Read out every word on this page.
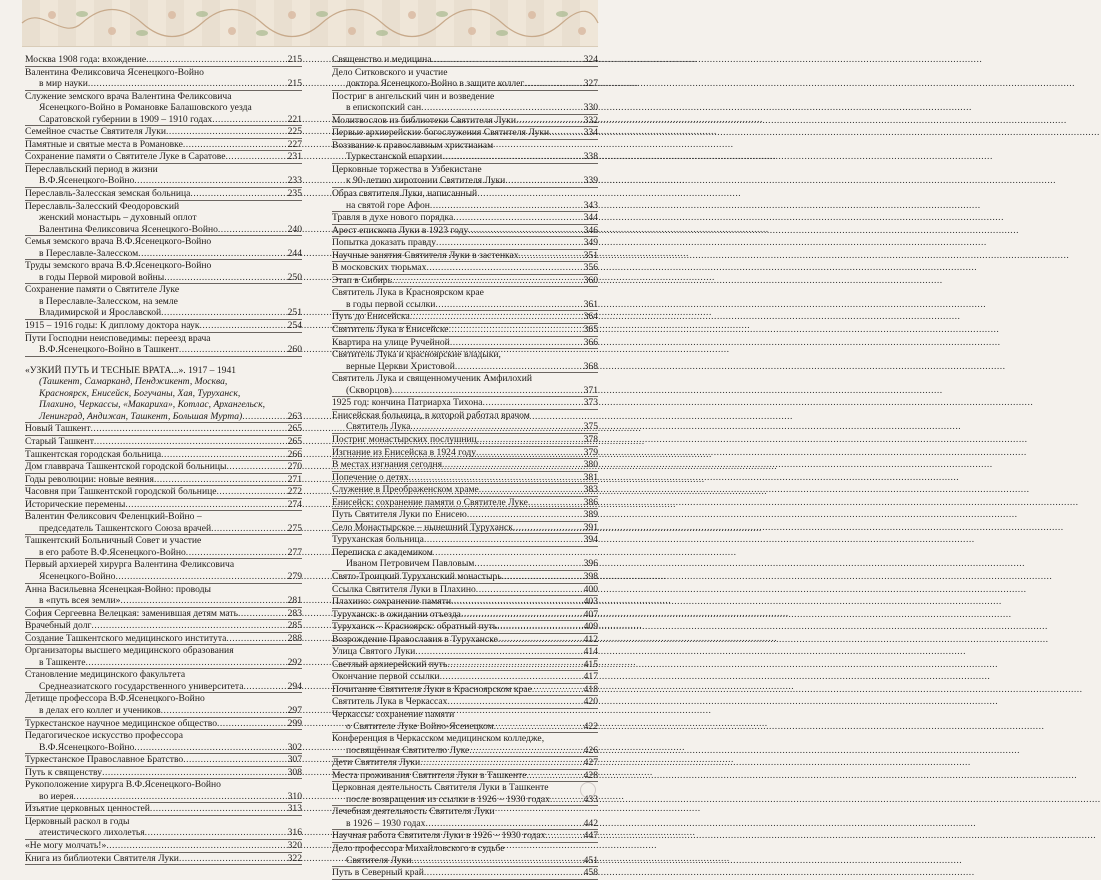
Москва 1908 года: вхождение .....	215
Валентина Феликсовича Ясенецкого-Войно
в мир науки .....	215
Служение земского врача Валентина Феликсовича
Ясенецкого-Войно в Романовке Балашовского уезда
Саратовской губернии в 1909 – 1910 годах .....	221
Семейное счастье Святителя Луки .....	225
Памятные и святые места в Романовке .....	227
Сохранение памяти о Святителе Луке в Саратове .....	231
Переславльский период в жизни
В.Ф.Ясенецкого-Войно .....	233
Переславль-Залесская земская больница .....	235
Переславль-Залесский Феодоровский
женский монастырь – духовный оплот
Валентина Феликсовича Ясенецкого-Войно .....	240
Семья земского врача В.Ф.Ясенецкого-Войно
в Переславле-Залесском .....	244
Труды земского врача В.Ф.Ясенецкого-Войно
в годы Первой мировой войны .....	250
Сохранение памяти о Святителе Луке
в Переславле-Залесском, на земле
Владимирской и Ярославской .....	251
1915 – 1916 годы: К диплому доктора наук .....	254
Пути Господни неисповедимы: переезд врача
В.Ф.Ясенецкого-Войно в Ташкент .....	260
«УЗКИЙ ПУТЬ И ТЕСНЫЕ ВРАТА...». 1917 – 1941
(Ташкент, Самарканд, Пенджикент, Москва,
Красноярск, Енисейск, Богучаны, Хая, Туруханск,
Плахино, Черкассы, «Макариха», Котлас, Архангельск,
Ленинград, Андижан, Ташкент, Большая Мурта) .....	263
Новый Ташкент .....	265
Старый Ташкент .....	265
Ташкентская городская больница .....	266
Дом главврача Ташкентской городской больницы .....	270
Годы революции: новые веяния .....	271
Часовня при Ташкентской городской больнице .....	272
Исторические перемены .....	274
Валентин Феликсович Феленцкий-Войно –
председатель Ташкентского Союза врачей .....	275
Ташкентский Больничный Совет и участие
в его работе В.Ф.Ясенецкого-Войно .....	277
Первый архиерей хирурга Валентина Феликсовича
Ясенецкого-Войно .....	279
Анна Васильевна Ясенецкая-Войно: проводы
в «путь всея земли» .....	281
София Сергеевна Велецкая: заменившая детям мать .....	283
Врачебный долг .....	285
Создание Ташкентского медицинского института .....	288
Организаторы высшего медицинского образования
в Ташкенте .....	292
Становление медицинского факультета
Среднеазиатского государственного университета .....	294
Детище профессора В.Ф.Ясенецкого-Войно
в делах его коллег и учеников .....	297
Туркестанское научное медицинское общество .....	299
Педагогическое искусство профессора
В.Ф.Ясенецкого-Войно .....	302
Туркестанское Православное Братство .....	307
Путь к священству .....	308
Рукоположение хирурга В.Ф.Ясенецкого-Войно
во иерея .....	310
Изъятие церковных ценностей .....	313
Церковный раскол в годы
атеистического лихолетья .....	316
«Не могу молчать!» .....	320
Книга из библиотеки Святителя Луки .....	322
Священство и медицина .....	324
Дело Ситковского и участие
доктора Ясенецкого-Войно в защите коллег .....	327
Постриг в ангельский чин и возведение
в епископский сан .....	330
Молитвослов из библиотеки Святителя Луки .....	332
Первые архиерейские богослужения Святителя Луки .....	334
Воззвание к православным христианам
Туркестанской епархии .....	338
Церковные торжества в Узбекистане
к 90-летию хиротонии Святителя Луки .....	339
Образ святителя Луки, написанный
на святой горе Афон .....	343
Травля в духе нового порядка .....	344
Арест епископа Луки в 1923 году .....	346
Попытка доказать правду .....	349
Научные занятия Святителя Луки в застенках .....	351
В московских тюрьмах .....	356
Этап в Сибирь .....	360
Святитель Лука в Красноярском крае
в годы первой ссылки .....	361
Путь до Енисейска .....	364
Святитель Лука в Енисейске .....	365
Квартира на улице Ручейной .....	366
Святитель Лука и красноярские владыки,
верные Церкви Христовой .....	368
Святитель Лука и священномученик Амфилохий
(Скворцов) .....	371
1925 год: кончина Патриарха Тихона .....	373
Енисейская больница, в которой работал врачом
Святитель Лука .....	375
Постриг монастырских послушниц .....	378
Изгнание из Енисейска в 1924 году .....	379
В местах изгнания сегодня .....	380
Попечение о детях .....	381
Служение в Преображенском храме .....	383
Енисейск: сохранение памяти о Святителе Луке .....	386
Путь Святителя Луки по Енисею .....	389
Село Монастырское – нынешний Туруханск .....	391
Туруханская больница .....	394
Переписка с академиком
Иваном Петровичем Павловым .....	396
Свято-Троицкий Туруханский монастырь .....	398
Ссылка Святителя Луки в Плахино .....	400
Плахино: сохранение памяти .....	403
Туруханск: в ожидании отъезда .....	407
Туруханск – Красноярск: обратный путь .....	409
Возрождение Православия в Туруханске .....	412
Улица Святого Луки .....	414
Светлый архиерейский путь .....	415
Окончание первой ссылки .....	417
Почитание Святителя Луки в Красноярском крае .....	418
Святитель Лука в Черкассах .....	420
Черкассы: сохранение памяти
о Святителе Луке Войно-Ясенецком .....	422
Конференция в Черкасском медицинском колледже,
посвящённая Святителю Луке .....	426
Дети Святителя Луки .....	427
Места проживания Святителя Луки в Ташкенте .....	428
Церковная деятельность Святителя Луки в Ташкенте
после возвращения из ссылки в 1926 – 1930 годах .....	433
Лечебная деятельность Святителя Луки
в 1926 – 1930 годах .....	442
Научная работа Святителя Луки в 1926 – 1930 годах .....	447
Дело профессора Михайловского в судьбе
Святителя Луки .....	451
Путь в Северный край .....	458
